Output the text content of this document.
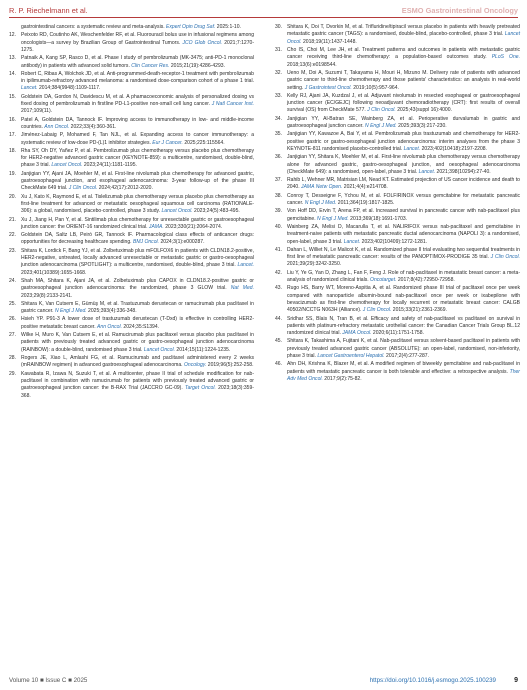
R. P. Riechelmann et al.	ESMO Gastrointestinal Oncology
gastrointestinal cancers: a systematic review and meta-analysis. Expert Opin Drug Saf. 2025:1-10.
12. Peixoto RD, Coutinho AK, Weschenfelder RF, et al. Fluorouracil bolus use in infusional regimens among oncologists—a survey by Brazilian Group of Gastrointestinal Tumors. JCO Glob Oncol. 2021;7:1270-1275.
13. Patnaik A, Kang SP, Rasco D, et al. Phase I study of pembrolizumab (MK-3475; anti-PD-1 monoclonal antibody) in patients with advanced solid tumors. Clin Cancer Res. 2015;21(19):4286-4293.
14. Robert C, Ribas A, Wolchok JD, et al. Anti-programmed-death-receptor-1 treatment with pembrolizumab in ipilimumab-refractory advanced melanoma: a randomised dose-comparison cohort of a phase 1 trial. Lancet. 2014;384(9948):1109-1117.
15. Goldstein DA, Gordon N, Davidescu M, et al. A phamacoeconomic analysis of personalized dosing vs fixed dosing of pembrolizumab in firstline PD-L1-positive non-small cell lung cancer. J Natl Cancer Inst. 2017;109(11).
16. Patel A, Goldstein DA, Tannock IF. Improving access to immunotherapy in low- and middle-income countries. Ann Oncol. 2022;33(4):360-361.
17. Jiménez-Labaig P, Mohamed F, Tan NJL, et al. Expanding access to cancer immunotherapy: a systematic review of low-dose PD-(L)1 inhibitor strategies. Eur J Cancer. 2025;225:115564.
18. Rha SY, Oh DY, Yañez P, et al. Pembrolizumab plus chemotherapy versus placebo plus chemotherapy for HER2-negative advanced gastric cancer (KEYNOTE-859): a multicentre, randomised, double-blind, phase 3 trial. Lancet Oncol. 2023;24(11):1181-1195.
19. Janjigian YY, Ajani JA, Moehler M, et al. First-line nivolumab plus chemotherapy for advanced gastric, gastroesophageal junction, and esophageal adenocarcinoma: 3-year follow-up of the phase III CheckMate 649 trial. J Clin Oncol. 2024;42(17):2012-2020.
20. Xu J, Kato K, Raymond E, et al. Tislelizumab plus chemotherapy versus placebo plus chemotherapy as first-line treatment for advanced or metastatic oesophageal squamous cell carcinoma (RATIONALE-306): a global, randomised, placebo-controlled, phase 3 study. Lancet Oncol. 2023;24(5):483-495.
21. Xu J, Jiang H, Pan Y, et al. Sintilimab plus chemotherapy for unresectable gastric or gastroesophageal junction cancer: the ORIENT-16 randomized clinical trial. JAMA. 2023;330(21):2064-2074.
22. Goldstein DA, Saltz LB, Peiró GR, Tannock IF. Pharmacological class effects of anticancer drugs: opportunities for decreasing healthcare spending. BMJ Oncol. 2024;3(1):e000287.
23. Shitara K, Lordick F, Bang YJ, et al. Zolbetuximab plus mFOLFOX6 in patients with CLDN18.2-positive, HER2-negative, untreated, locally advanced unresectable or metastatic gastric or gastro-oesophageal junction adenocarcinoma (SPOTLIGHT): a multicentre, randomised, double-blind, phase 3 trial. Lancet. 2023;401(10389):1655-1668.
24. Shah MA, Shitara K, Ajani JA, et al. Zolbetuximab plus CAPOX in CLDN18.2-positive gastric or gastroesophageal junction adenocarcinoma: the randomized, phase 3 GLOW trial. Nat Med. 2023;29(8):2133-2141.
25. Shitara K, Van Cutsem E, Gümüş M, et al. Trastuzumab deruxtecan or ramucirumab plus paclitaxel in gastric cancer. N Engl J Med. 2025;393(4):336-348.
26. Hsieh YP. P91-3 A lower dose of trastuzumab deruxtecan (T-Dxd) is effective in controlling HER2-positive metastatic breast cancer. Ann Oncol. 2024;35:S1394.
27. Wilke H, Muro K, Van Cutsem E, et al. Ramucirumab plus paclitaxel versus placebo plus paclitaxel in patients with previously treated advanced gastric or gastro-oesophageal junction adenocarcinoma (RAINBOW): a double-blind, randomised phase 3 trial. Lancet Oncol. 2014;15(11):1224-1235.
28. Rogers JE, Xiao L, Amlashi FG, et al. Ramucirumab and paclitaxel administered every 2 weeks (mRAINBOW regimen) in advanced gastroesophageal adenocarcinoma. Oncology. 2019;96(5):252-258.
29. Kawabata R, Izawa N, Suzuki T, et al. A multicenter, phase II trial of schedule modification for nab-paclitaxel in combination with ramucirumab for patients with previously treated advanced gastric or gastroesophageal junction cancer: the B-RAX Trial (JACCRO GC-09). Target Oncol. 2023;18(3):359-368.
30. Shitara K, Doi T, Dvorkin M, et al. Trifluridine/tipiracil versus placebo in patients with heavily pretreated metastatic gastric cancer (TAGS): a randomised, double-blind, placebo-controlled, phase 3 trial. Lancet Oncol. 2018;19(11):1437-1448.
31. Cho IS, Choi M, Lee JH, et al. Treatment patterns and outcomes in patients with metastatic gastric cancer receiving third-line chemotherapy: a population-based outcomes study. PLoS One. 2018;13(6):e0198544.
32. Ueno M, Doi A, Suzumi T, Takayama H, Mouri H, Mizuno M. Delivery rate of patients with advanced gastric cancer to third-line chemotherapy and those patients' characteristics: an analysis in real-world setting. J Gastrointest Oncol. 2019;10(5):957-964.
33. Kelly RJ, Ajani JA, Kuzdzal J, et al. Adjuvant nivolumab in resected esophageal or gastroesophageal junction cancer (EC/GEJC) following neoadjuvant chemoradiotherapy (CRT): first results of overall survival (OS) from CheckMate 577. J Clin Oncol. 2025;43(suppl 16):4000.
34. Janjigian YY, Al-Batran SE, Wainberg ZA, et al. Perioperative durvalumab in gastric and gastroesophageal junction cancer. N Engl J Med. 2025;393(3):217-230.
35. Janjigian YY, Kawazoe A, Bai Y, et al. Pembrolizumab plus trastuzumab and chemotherapy for HER2-positive gastric or gastro-oesophageal junction adenocarcinoma: interim analyses from the phase 3 KEYNOTE-811 randomised placebo-controlled trial. Lancet. 2023;402(10418):2197-2208.
36. Janjigian YY, Shitara K, Moehler M, et al. First-line nivolumab plus chemotherapy versus chemotherapy alone for advanced gastric, gastro-oesophageal junction, and oesophageal adenocarcinoma (CheckMate 649): a randomised, open-label, phase 3 trial. Lancet. 2021;398(10294):27-40.
37. Rahib L, Wehner MR, Matrisian LM, Nead KT. Estimated projection of US cancer incidence and death to 2040. JAMA Netw Open. 2021;4(4):e214708.
38. Conroy T, Desseigne F, Ychou M, et al. FOLFIRINOX versus gemcitabine for metastatic pancreatic cancer. N Engl J Med. 2011;364(19):1817-1825.
39. Von Hoff DD, Ervin T, Arena FP, et al. Increased survival in pancreatic cancer with nab-paclitaxel plus gemcitabine. N Engl J Med. 2013;369(18):1691-1703.
40. Wainberg ZA, Melisi D, Macarulla T, et al. NALIRIFOX versus nab-paclitaxel and gemcitabine in treatment-naive patients with metastatic pancreatic ductal adenocarcinoma (NAPOLI 3): a randomised, open-label, phase 3 trial. Lancet. 2023;402(10409):1272-1281.
41. Dahan L, Williet N, Le Malicot K, et al. Randomized phase II trial evaluating two sequential treatments in first line of metastatic pancreatic cancer: results of the PANOPTIMOX-PRODIGE 35 trial. J Clin Oncol. 2021;39(29):3242-3250.
42. Liu Y, Ye G, Yan D, Zhang L, Fan F, Feng J. Role of nab-paclitaxel in metastatic breast cancer: a meta-analysis of randomized clinical trials. Oncotarget. 2017;8(42):72950-72958.
43. Rugo HS, Barry WT, Moreno-Aspitia A, et al. Randomized phase III trial of paclitaxel once per week compared with nanoparticle albumin-bound nab-paclitaxel once per week or ixabepilone with bevacizumab as first-line chemotherapy for locally recurrent or metastatic breast cancer: CALGB 40502/NCCTG N063H (Alliance). J Clin Oncol. 2015;33(21):2361-2369.
44. Sridhar SS, Blais N, Tran B, et al. Efficacy and safety of nab-paclitaxel vs paclitaxel on survival in patients with platinum-refractory metastatic urothelial cancer: the Canadian Cancer Trials Group BL.12 randomized clinical trial. JAMA Oncol. 2020;6(11):1751-1758.
45. Shitara K, Takashima A, Fujitani K, et al. Nab-paclitaxel versus solvent-based paclitaxel in patients with previously treated advanced gastric cancer (ABSOLUTE): an open-label, randomised, non-inferiority, phase 3 trial. Lancet Gastroenterol Hepatol. 2017;2(4):277-287.
46. Ahn DH, Krishna K, Blazer M, et al. A modified regimen of biweekly gemcitabine and nab-paclitaxel in patients with metastatic pancreatic cancer is both tolerable and effective: a retrospective analysis. Ther Adv Med Oncol. 2017;9(2):75-82.
Volume 10 ■ Issue C ■ 2025	https://doi.org/10.1016/j.esmogo.2025.100239	9
